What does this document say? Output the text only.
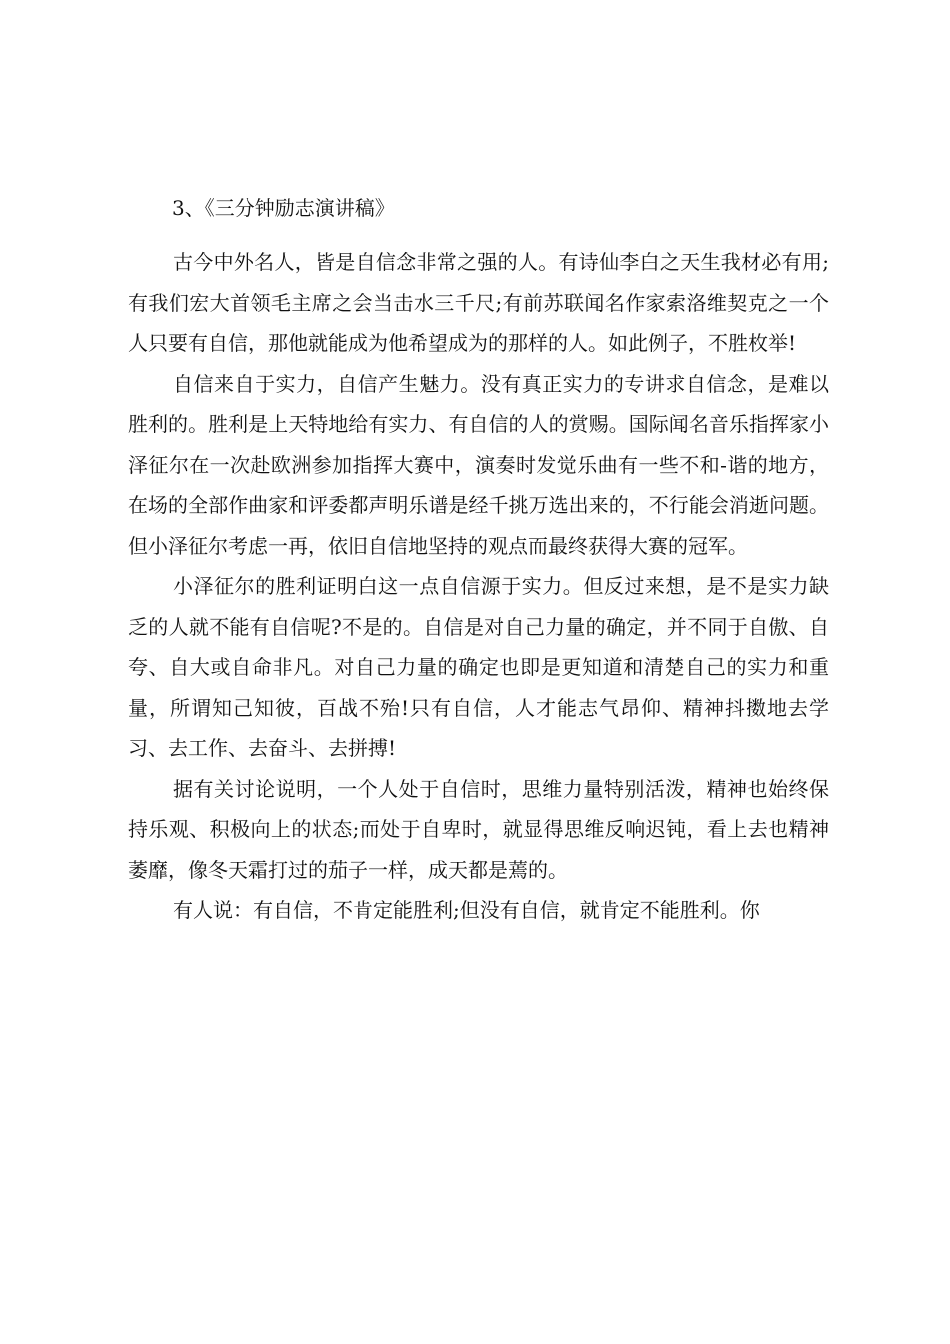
3、《三分钟励志演讲稿》

古今中外名人，皆是自信念非常之强的人。有诗仙李白之天生我材必有用;有我们宏大首领毛主席之会当击水三千尺;有前苏联闻名作家索洛维契克之一个人只要有自信，那他就能成为他希望成为的那样的人。如此例子，不胜枚举!

自信来自于实力，自信产生魅力。没有真正实力的专讲求自信念，是难以胜利的。胜利是上天特地给有实力、有自信的人的赏赐。国际闻名音乐指挥家小泽征尔在一次赴欧洲参加指挥大赛中，演奏时发觉乐曲有一些不和-谐的地方，在场的全部作曲家和评委都声明乐谱是经千挑万选出来的，不行能会消逝问题。但小泽征尔考虑一再，依旧自信地坚持的观点而最终获得大赛的冠军。

小泽征尔的胜利证明白这一点自信源于实力。但反过来想，是不是实力缺乏的人就不能有自信呢?不是的。自信是对自己力量的确定，并不同于自傲、自夸、自大或自命非凡。对自己力量的确定也即是更知道和清楚自己的实力和重量，所谓知己知彼，百战不殆!只有自信，人才能志气昂仰、精神抖擞地去学习、去工作、去奋斗、去拼搏!

据有关讨论说明，一个人处于自信时，思维力量特别活泼，精神也始终保持乐观、积极向上的状态;而处于自卑时，就显得思维反响迟钝，看上去也精神萎靡，像冬天霜打过的茄子一样，成天都是蔫的。

有人说：有自信，不肯定能胜利;但没有自信，就肯定不能胜利。你
